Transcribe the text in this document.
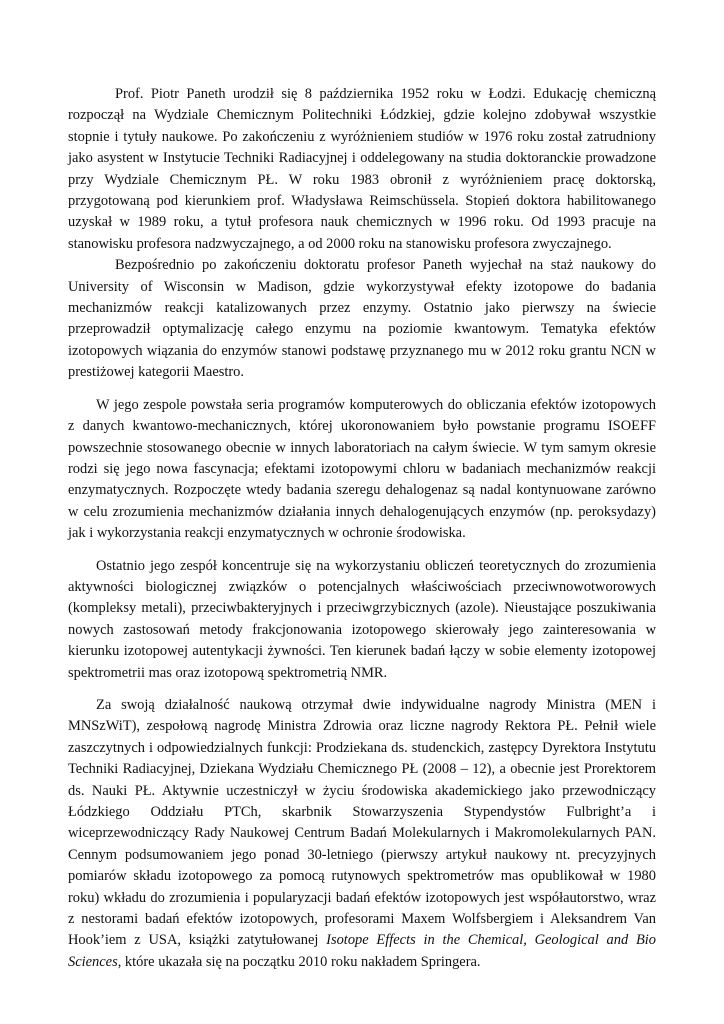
Prof. Piotr Paneth urodził się 8 października 1952 roku w Łodzi. Edukację chemiczną rozpoczął na Wydziale Chemicznym Politechniki Łódzkiej, gdzie kolejno zdobywał wszystkie stopnie i tytuły naukowe. Po zakończeniu z wyróżnieniem studiów w 1976 roku został zatrudniony jako asystent w Instytucie Techniki Radiacyjnej i oddelegowany na studia doktoranckie prowadzone przy Wydziale Chemicznym PŁ. W roku 1983 obronił z wyróżnieniem pracę doktorską, przygotowaną pod kierunkiem prof. Władysława Reimschüssela. Stopień doktora habilitowanego uzyskał w 1989 roku, a tytuł profesora nauk chemicznych w 1996 roku. Od 1993 pracuje na stanowisku profesora nadzwyczajnego, a od 2000 roku na stanowisku profesora zwyczajnego.

Bezpośrednio po zakończeniu doktoratu profesor Paneth wyjechał na staż naukowy do University of Wisconsin w Madison, gdzie wykorzystywał efekty izotopowe do badania mechanizmów reakcji katalizowanych przez enzymy. Ostatnio jako pierwszy na świecie przeprowadził optymalizację całego enzymu na poziomie kwantowym. Tematyka efektów izotopowych wiązania do enzymów stanowi podstawę przyznanego mu w 2012 roku grantu NCN w prestiżowej kategorii Maestro.

W jego zespole powstała seria programów komputerowych do obliczania efektów izotopowych z danych kwantowo-mechanicznych, której ukoronowaniem było powstanie programu ISOEFF powszechnie stosowanego obecnie w innych laboratoriach na całym świecie. W tym samym okresie rodzi się jego nowa fascynacja; efektami izotopowymi chloru w badaniach mechanizmów reakcji enzymatycznych. Rozpoczęte wtedy badania szeregu dehalogenaz są nadal kontynuowane zarówno w celu zrozumienia mechanizmów działania innych dehalogenujących enzymów (np. peroksydazy) jak i wykorzystania reakcji enzymatycznych w ochronie środowiska.

Ostatnio jego zespół koncentruje się na wykorzystaniu obliczeń teoretycznych do zrozumienia aktywności biologicznej związków o potencjalnych właściwościach przeciwnowotworowych (kompleksy metali), przeciwbakteryjnych i przeciwgrzybicznych (azole). Nieustające poszukiwania nowych zastosowań metody frakcjonowania izotopowego skierowały jego zainteresowania w kierunku izotopowej autentykacji żywności. Ten kierunek badań łączy w sobie elementy izotopowej spektrometrii mas oraz izotopową spektrometrią NMR.

Za swoją działalność naukową otrzymał dwie indywidualne nagrody Ministra (MEN i MNSzWiT), zespołową nagrodę Ministra Zdrowia oraz liczne nagrody Rektora PŁ. Pełnił wiele zaszczytnych i odpowiedzialnych funkcji: Prodziekana ds. studenckich, zastępcy Dyrektora Instytutu Techniki Radiacyjnej, Dziekana Wydziału Chemicznego PŁ (2008 – 12), a obecnie jest Prorektorem ds. Nauki PŁ. Aktywnie uczestniczył w życiu środowiska akademickiego jako przewodniczący Łódzkiego Oddziału PTCh, skarbnik Stowarzyszenia Stypendystów Fulbright’a i wiceprzewodniczący Rady Naukowej Centrum Badań Molekularnych i Makromolekularnych PAN. Cennym podsumowaniem jego ponad 30-letniego (pierwszy artykuł naukowy nt. precyzyjnych pomiarów składu izotopowego za pomocą rutynowych spektrometrów mas opublikował w 1980 roku) wkładu do zrozumienia i popularyzacji badań efektów izotopowych jest współautorstwo, wraz z nestorami badań efektów izotopowych, profesorami Maxem Wolfsbergiem i Aleksandrem Van Hook’iem z USA, książki zatytułowanej Isotope Effects in the Chemical, Geological and Bio Sciences, które ukazała się na początku 2010 roku nakładem Springera.
